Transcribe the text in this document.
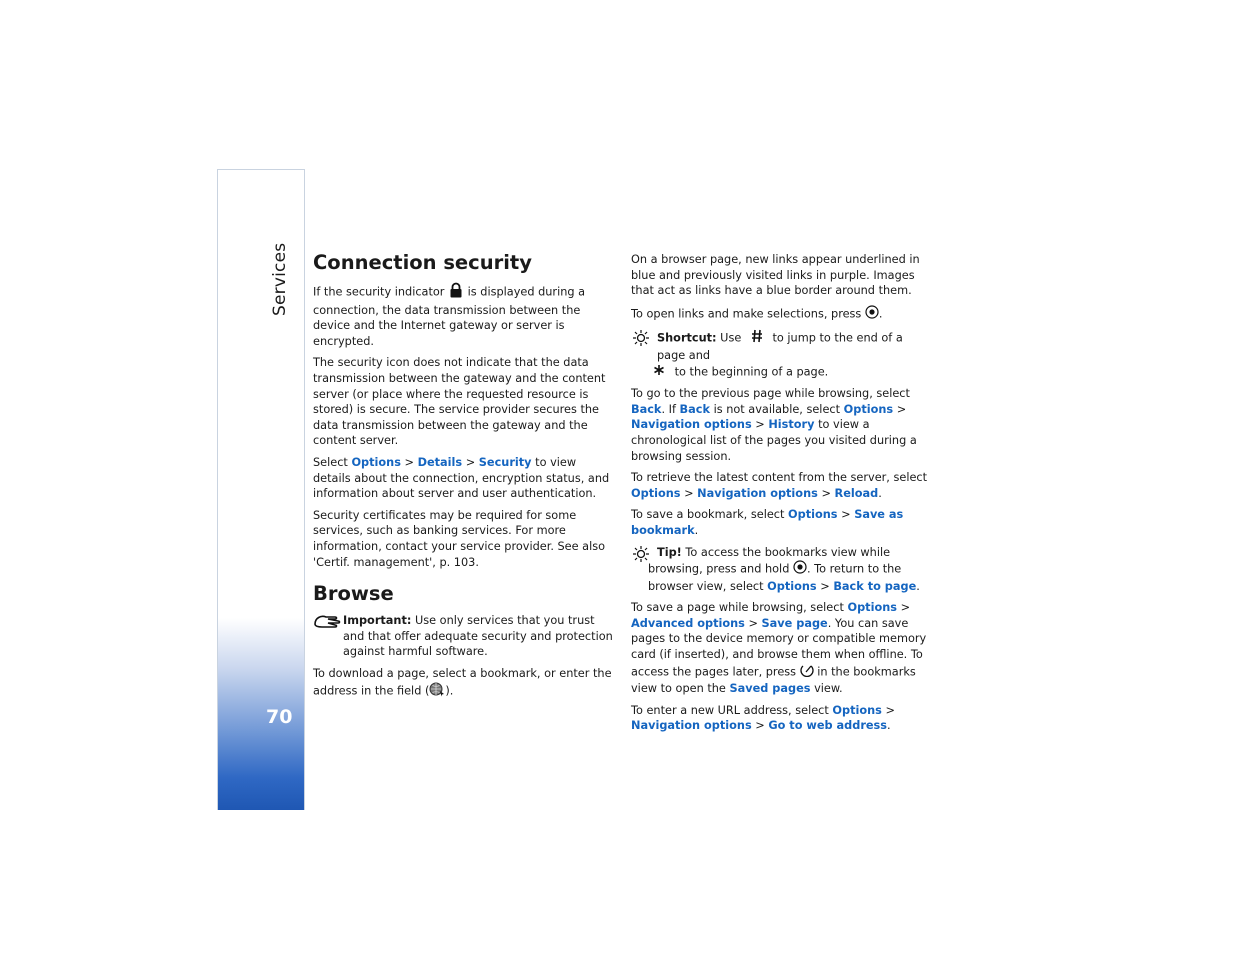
Services
70
Connection security

If the security indicator is displayed during a connection, the data transmission between the device and the Internet gateway or server is encrypted.

The security icon does not indicate that the data transmission between the gateway and the content server (or place where the requested resource is stored) is secure. The service provider secures the data transmission between the gateway and the content server.

Select Options > Details > Security to view details about the connection, encryption status, and information about server and user authentication.

Security certificates may be required for some services, such as banking services. For more information, contact your service provider. See also 'Certif. management', p. 103.

Browse

Important: Use only services that you trust and that offer adequate security and protection against harmful software.

To download a page, select a bookmark, or enter the address in the field ( ).

On a browser page, new links appear underlined in blue and previously visited links in purple. Images that act as links have a blue border around them.

To open links and make selections, press .

Shortcut: Use	to jump to the end of a page and
to the beginning of a page.

To go to the previous page while browsing, select Back. If Back is not available, select Options > Navigation options > History to view a chronological list of the pages you visited during a browsing session.

To retrieve the latest content from the server, select Options > Navigation options > Reload.

To save a bookmark, select Options > Save as bookmark.

Tip! To access the bookmarks view while browsing, press and hold . To return to the browser view, select Options > Back to page.

To save a page while browsing, select Options > Advanced options > Save page. You can save pages to the device memory or compatible memory card (if inserted), and browse them when offline. To access the pages later, press in the bookmarks view to open the Saved pages view.

To enter a new URL address, select Options > Navigation options > Go to web address.
